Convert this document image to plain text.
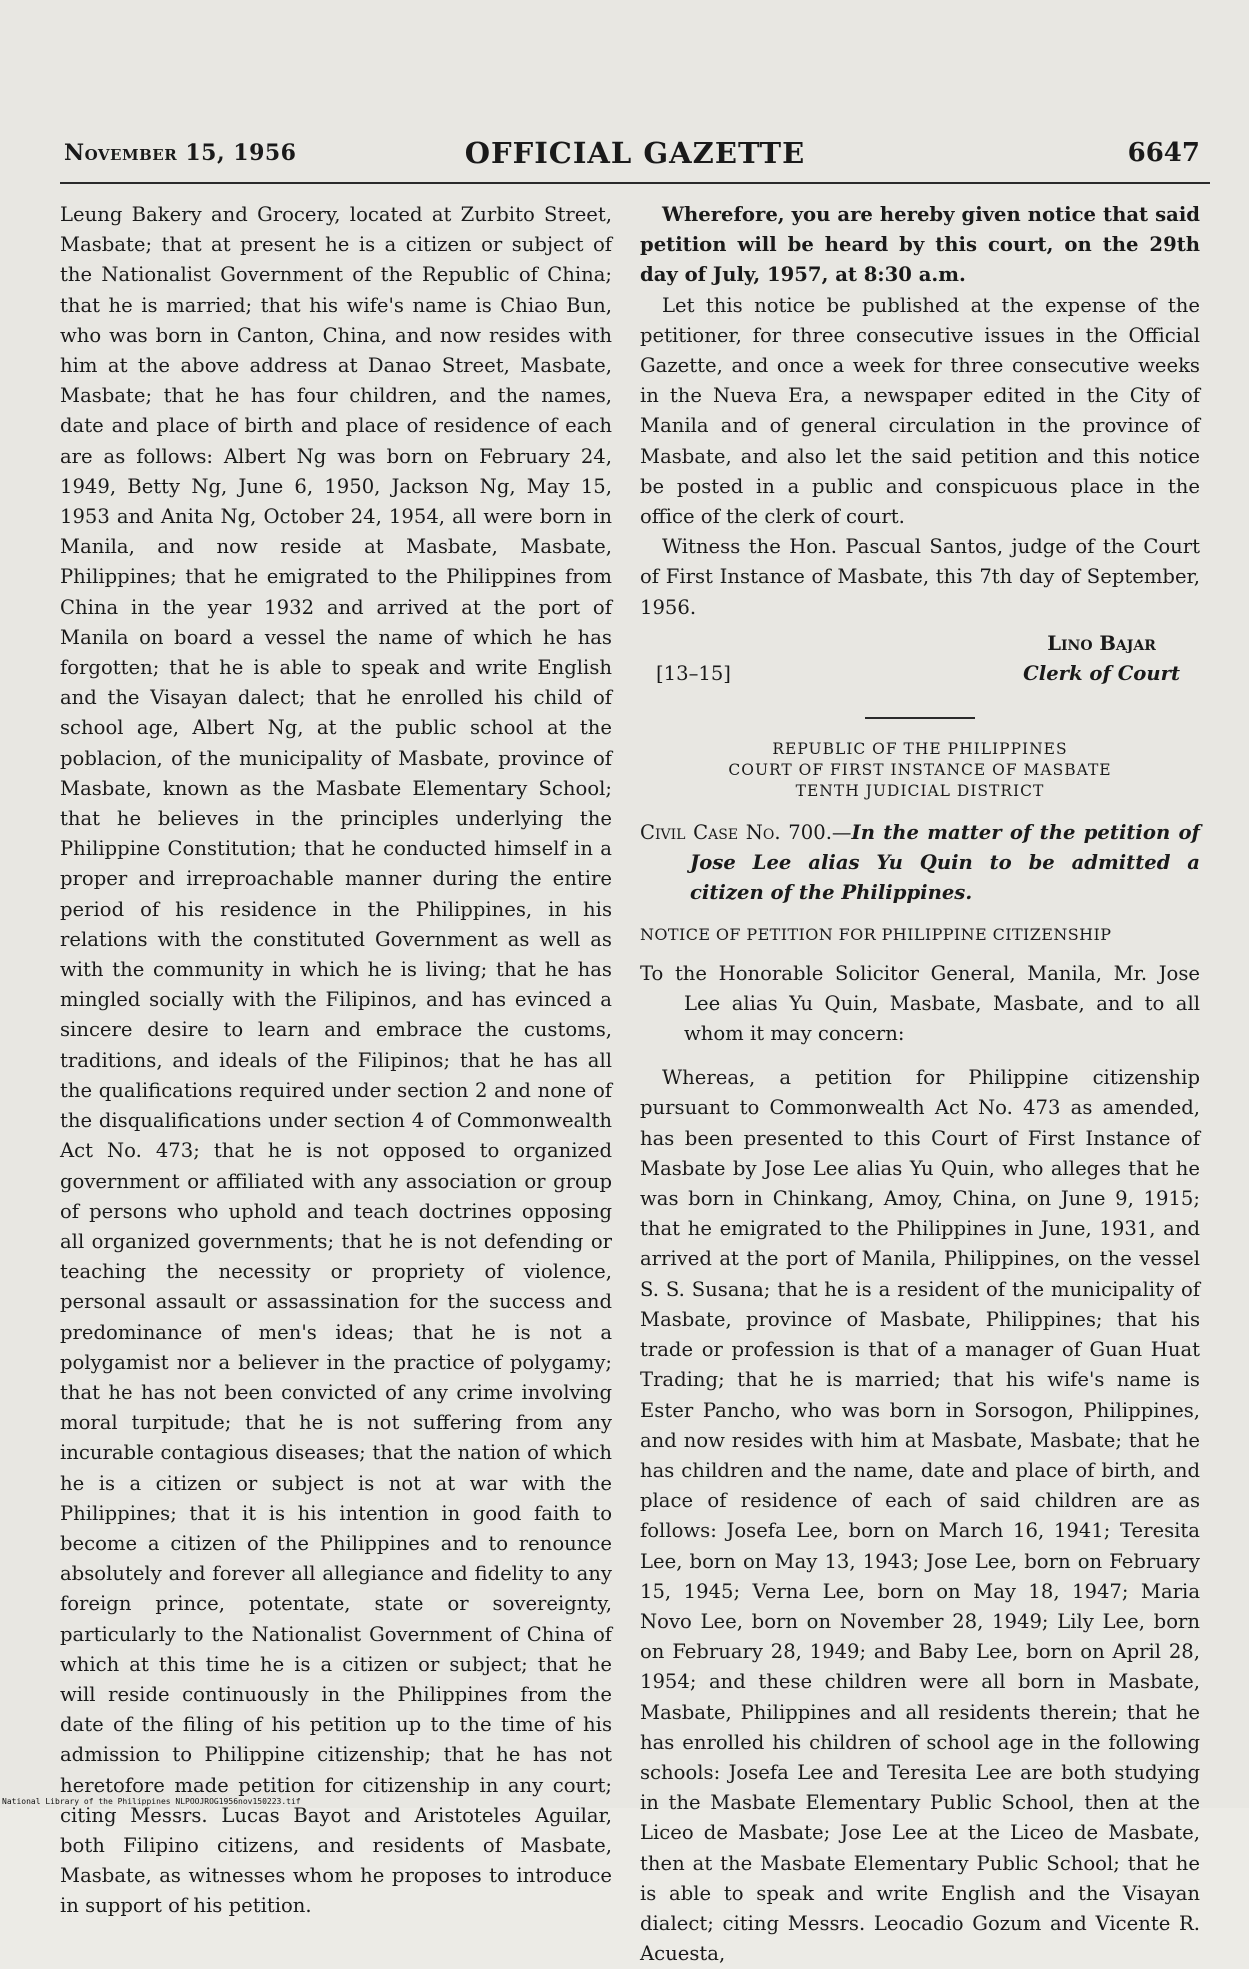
November 15, 1956	OFFICIAL GAZETTE	6647

Leung Bakery and Grocery, located at Zurbito Street, Masbate; that at present he is a citizen or subject of the Nationalist Government of the Republic of China; that he is married; that his wife's name is Chiao Bun, who was born in Canton, China, and now resides with him at the above address at Danao Street, Masbate, Masbate; that he has four children, and the names, date and place of birth and place of residence of each are as follows: Albert Ng was born on February 24, 1949, Betty Ng, June 6, 1950, Jackson Ng, May 15, 1953 and Anita Ng, October 24, 1954, all were born in Manila, and now reside at Masbate, Masbate, Philippines; that he emigrated to the Philippines from China in the year 1932 and arrived at the port of Manila on board a vessel the name of which he has forgotten; that he is able to speak and write English and the Visayan dalect; that he enrolled his child of school age, Albert Ng, at the public school at the poblacion, of the municipality of Masbate, province of Masbate, known as the Masbate Elementary School; that he believes in the principles underlying the Philippine Constitution; that he conducted himself in a proper and irreproachable manner during the entire period of his residence in the Philippines, in his relations with the constituted Government as well as with the community in which he is living; that he has mingled socially with the Filipinos, and has evinced a sincere desire to learn and embrace the customs, traditions, and ideals of the Filipinos; that he has all the qualifications required under section 2 and none of the disqualifications under section 4 of Commonwealth Act No. 473; that he is not opposed to organized government or affiliated with any association or group of persons who uphold and teach doctrines opposing all organized governments; that he is not defending or teaching the necessity or propriety of violence, personal assault or assassination for the success and predominance of men's ideas; that he is not a polygamist nor a believer in the practice of polygamy; that he has not been convicted of any crime involving moral turpitude; that he is not suffering from any incurable contagious diseases; that the nation of which he is a citizen or subject is not at war with the Philippines; that it is his intention in good faith to become a citizen of the Philippines and to renounce absolutely and forever all allegiance and fidelity to any foreign prince, potentate, state or sovereignty, particularly to the Nationalist Government of China of which at this time he is a citizen or subject; that he will reside continuously in the Philippines from the date of the filing of his petition up to the time of his admission to Philippine citizenship; that he has not heretofore made petition for citizenship in any court; citing Messrs. Lucas Bayot and Aristoteles Aguilar, both Filipino citizens, and residents of Masbate, Masbate, as witnesses whom he proposes to introduce in support of his petition.

Wherefore, you are hereby given notice that said petition will be heard by this court, on the 29th day of July, 1957, at 8:30 a.m.

Let this notice be published at the expense of the petitioner, for three consecutive issues in the Official Gazette, and once a week for three consecutive weeks in the Nueva Era, a newspaper edited in the City of Manila and of general circulation in the province of Masbate, and also let the said petition and this notice be posted in a public and conspicuous place in the office of the clerk of court.

Witness the Hon. Pascual Santos, judge of the Court of First Instance of Masbate, this 7th day of September, 1956.

[13–15]
Lino Bajar
Clerk of Court
REPUBLIC OF THE PHILIPPINES
COURT OF FIRST INSTANCE OF MASBATE
TENTH JUDICIAL DISTRICT
Civil Case No. 700.—In the matter of the petition of Jose Lee alias Yu Quin to be admitted a citizen of the Philippines.
NOTICE OF PETITION FOR PHILIPPINE CITIZENSHIP
To the Honorable Solicitor General, Manila, Mr. Jose Lee alias Yu Quin, Masbate, Masbate, and to all whom it may concern:

Whereas, a petition for Philippine citizenship pursuant to Commonwealth Act No. 473 as amended, has been presented to this Court of First Instance of Masbate by Jose Lee alias Yu Quin, who alleges that he was born in Chinkang, Amoy, China, on June 9, 1915; that he emigrated to the Philippines in June, 1931, and arrived at the port of Manila, Philippines, on the vessel S. S. Susana; that he is a resident of the municipality of Masbate, province of Masbate, Philippines; that his trade or profession is that of a manager of Guan Huat Trading; that he is married; that his wife's name is Ester Pancho, who was born in Sorsogon, Philippines, and now resides with him at Masbate, Masbate; that he has children and the name, date and place of birth, and place of residence of each of said children are as follows: Josefa Lee, born on March 16, 1941; Teresita Lee, born on May 13, 1943; Jose Lee, born on February 15, 1945; Verna Lee, born on May 18, 1947; Maria Novo Lee, born on November 28, 1949; Lily Lee, born on February 28, 1949; and Baby Lee, born on April 28, 1954; and these children were all born in Masbate, Masbate, Philippines and all residents therein; that he has enrolled his children of school age in the following schools: Josefa Lee and Teresita Lee are both studying in the Masbate Elementary Public School, then at the Liceo de Masbate; Jose Lee at the Liceo de Masbate, then at the Masbate Elementary Public School; that he is able to speak and write English and the Visayan dialect; citing Messrs. Leocadio Gozum and Vicente R. Acuesta,

National Library of the Philippines NLPOOJROG1956nov150223.tif
